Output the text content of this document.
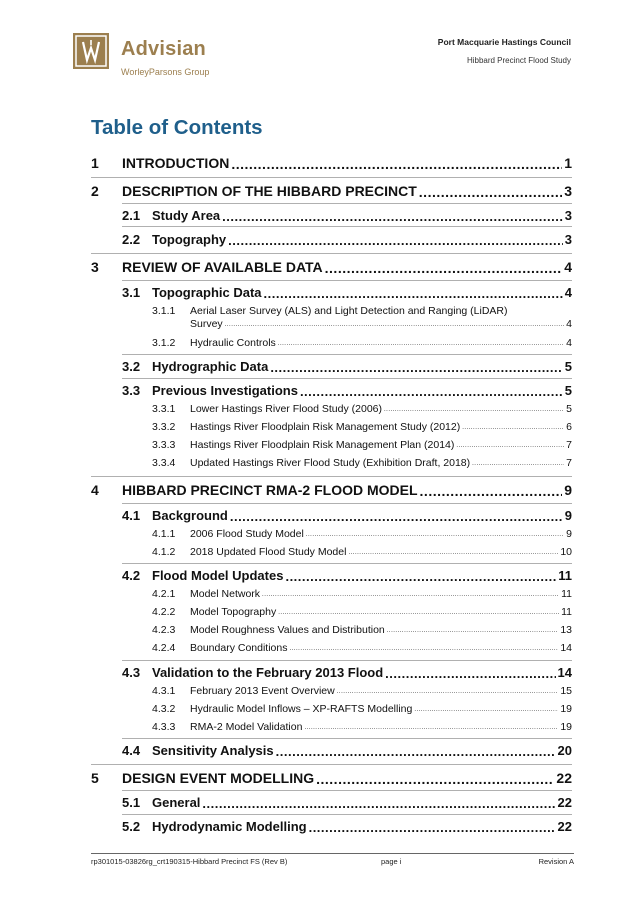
Advisian
WorleyParsons Group
Port Macquarie Hastings Council
Hibbard Precinct Flood Study
Table of Contents
1	INTRODUCTION .....	1
2	DESCRIPTION OF THE HIBBARD PRECINCT .....	3
2.1 Study Area .....	3
2.2 Topography .....	3
3	REVIEW OF AVAILABLE DATA .....	4
3.1 Topographic Data .....	4
3.1.1 Aerial Laser Survey (ALS) and Light Detection and Ranging (LiDAR)
Survey .....	4
3.1.2	Hydraulic Controls .....	4
3.2 Hydrographic Data .....	5
3.3 Previous Investigations .....	5
3.3.1	Lower Hastings River Flood Study (2006) .....	5
3.3.2	Hastings River Floodplain Risk Management Study (2012) .....	6
3.3.3	Hastings River Floodplain Risk Management Plan (2014) .....	7
3.3.4	Updated Hastings River Flood Study (Exhibition Draft, 2018) .....	7
4	HIBBARD PRECINCT RMA-2 FLOOD MODEL .....	9
4.1 Background .....	9
4.1.1	2006 Flood Study Model .....	9
4.1.2	2018 Updated Flood Study Model .....	10
4.2 Flood Model Updates .....	11
4.2.1	Model Network .....	11
4.2.2	Model Topography .....	11
4.2.3	Model Roughness Values and Distribution .....	13
4.2.4	Boundary Conditions .....	14
4.3 Validation to the February 2013 Flood .....	14
4.3.1	February 2013 Event Overview .....	15
4.3.2	Hydraulic Model Inflows – XP-RAFTS Modelling .....	19
4.3.3	RMA-2 Model Validation .....	19
4.4 Sensitivity Analysis .....	20
5	DESIGN EVENT MODELLING .....	22
5.1 General .....	22
5.2 Hydrodynamic Modelling .....	22
rp301015-03826rg_crt190315-Hibbard Precinct FS (Rev B)	page i	Revision A
